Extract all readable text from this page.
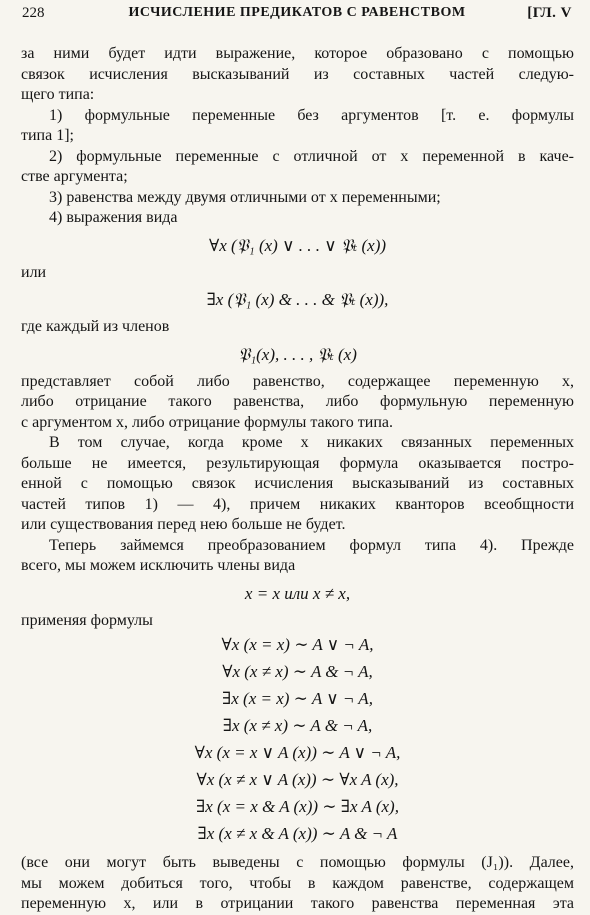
228	ИСЧИСЛЕНИЕ ПРЕДИКАТОВ С РАВЕНСТВОМ	[ГЛ. V
за ними будет идти выражение, которое образовано с помощью
связок исчисления высказываний из составных частей следую-
щего типа:
1) формульные переменные без аргументов [т. е. формулы
типа 1];
2) формульные переменные с отличной от x переменной в каче-
стве аргумента;
3) равенства между двумя отличными от x переменными;
4) выражения вида
∀x (𝔓₁ (x) ∨ . . . ∨ 𝔓ₜ (x))
или
∃x (𝔓₁ (x) & . . . & 𝔓ₜ (x)),
где каждый из членов
𝔓₁(x), . . . , 𝔓ₜ (x)
представляет собой либо равенство, содержащее переменную x,
либо отрицание такого равенства, либо формульную переменную
с аргументом x, либо отрицание формулы такого типа.
В том случае, когда кроме x никаких связанных переменных
больше не имеется, результирующая формула оказывается постро-
енной с помощью связок исчисления высказываний из составных
частей типов 1) — 4), причем никаких кванторов всеобщности
или существования перед нею больше не будет.
Теперь займемся преобразованием формул типа 4). Прежде
всего, мы можем исключить члены вида
x = x или x ≠ x,
применяя формулы
∀x (x = x) ∼ A ∨ ¬ A,
∀x (x ≠ x) ∼ A & ¬ A,
∃x (x = x) ∼ A ∨ ¬ A,
∃x (x ≠ x) ∼ A & ¬ A,
∀x (x = x ∨ A (x)) ∼ A ∨ ¬ A,
∀x (x ≠ x ∨ A (x)) ∼ ∀x A (x),
∃x (x = x & A (x)) ∼ ∃x A (x),
∃x (x ≠ x & A (x)) ∼ A & ¬ A
(все они могут быть выведены с помощью формулы (J₁)). Далее,
мы можем добиться того, чтобы в каждом равенстве, содержащем
переменную x, или в отрицании такого равенства переменная эта
